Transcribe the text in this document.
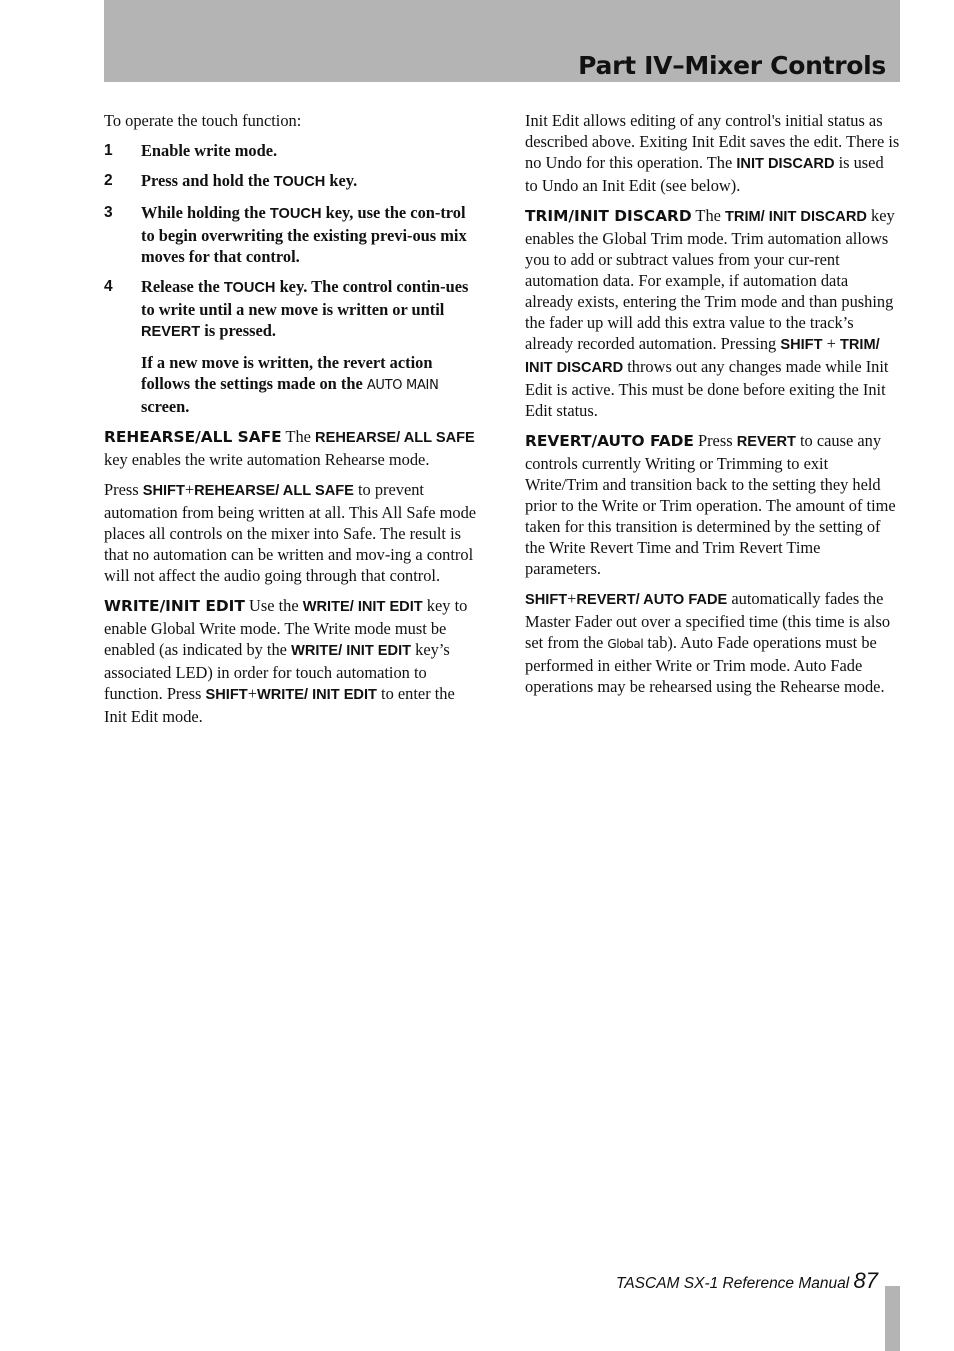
Part IV–Mixer Controls

To operate the touch function:

1 Enable write mode.
2 Press and hold the TOUCH key.
3 While holding the TOUCH key, use the con-trol to begin overwriting the existing previ-ous mix moves for that control.
4 Release the TOUCH key. The control contin-ues to write until a new move is written or until REVERT is pressed.
If a new move is written, the revert action follows the settings made on the AUTO MAIN screen.

REHEARSE/ALL SAFE The REHEARSE/ ALL SAFE key enables the write automation Rehearse mode.

Press SHIFT+REHEARSE/ ALL SAFE to prevent automation from being written at all. This All Safe mode places all controls on the mixer into Safe. The result is that no automation can be written and mov-ing a control will not affect the audio going through that control.

WRITE/INIT EDIT Use the WRITE/ INIT EDIT key to enable Global Write mode. The Write mode must be enabled (as indicated by the WRITE/ INIT EDIT key’s associated LED) in order for touch automation to function. Press SHIFT+WRITE/ INIT EDIT to enter the Init Edit mode.

Init Edit allows editing of any control's initial status as described above. Exiting Init Edit saves the edit. There is no Undo for this operation. The INIT DISCARD is used to Undo an Init Edit (see below).

TRIM/INIT DISCARD The TRIM/ INIT DISCARD key enables the Global Trim mode. Trim automation allows you to add or subtract values from your cur-rent automation data. For example, if automation data already exists, entering the Trim mode and than pushing the fader up will add this extra value to the track’s already recorded automation. Pressing SHIFT + TRIM/ INIT DISCARD throws out any changes made while Init Edit is active. This must be done before exiting the Init Edit status.

REVERT/AUTO FADE Press REVERT to cause any controls currently Writing or Trimming to exit Write/Trim and transition back to the setting they held prior to the Write or Trim operation. The amount of time taken for this transition is determined by the setting of the Write Revert Time and Trim Revert Time parameters.

SHIFT+REVERT/ AUTO FADE automatically fades the Master Fader out over a specified time (this time is also set from the Global tab). Auto Fade operations must be performed in either Write or Trim mode. Auto Fade operations may be rehearsed using the Rehearse mode.

TASCAM SX-1 Reference Manual 87
